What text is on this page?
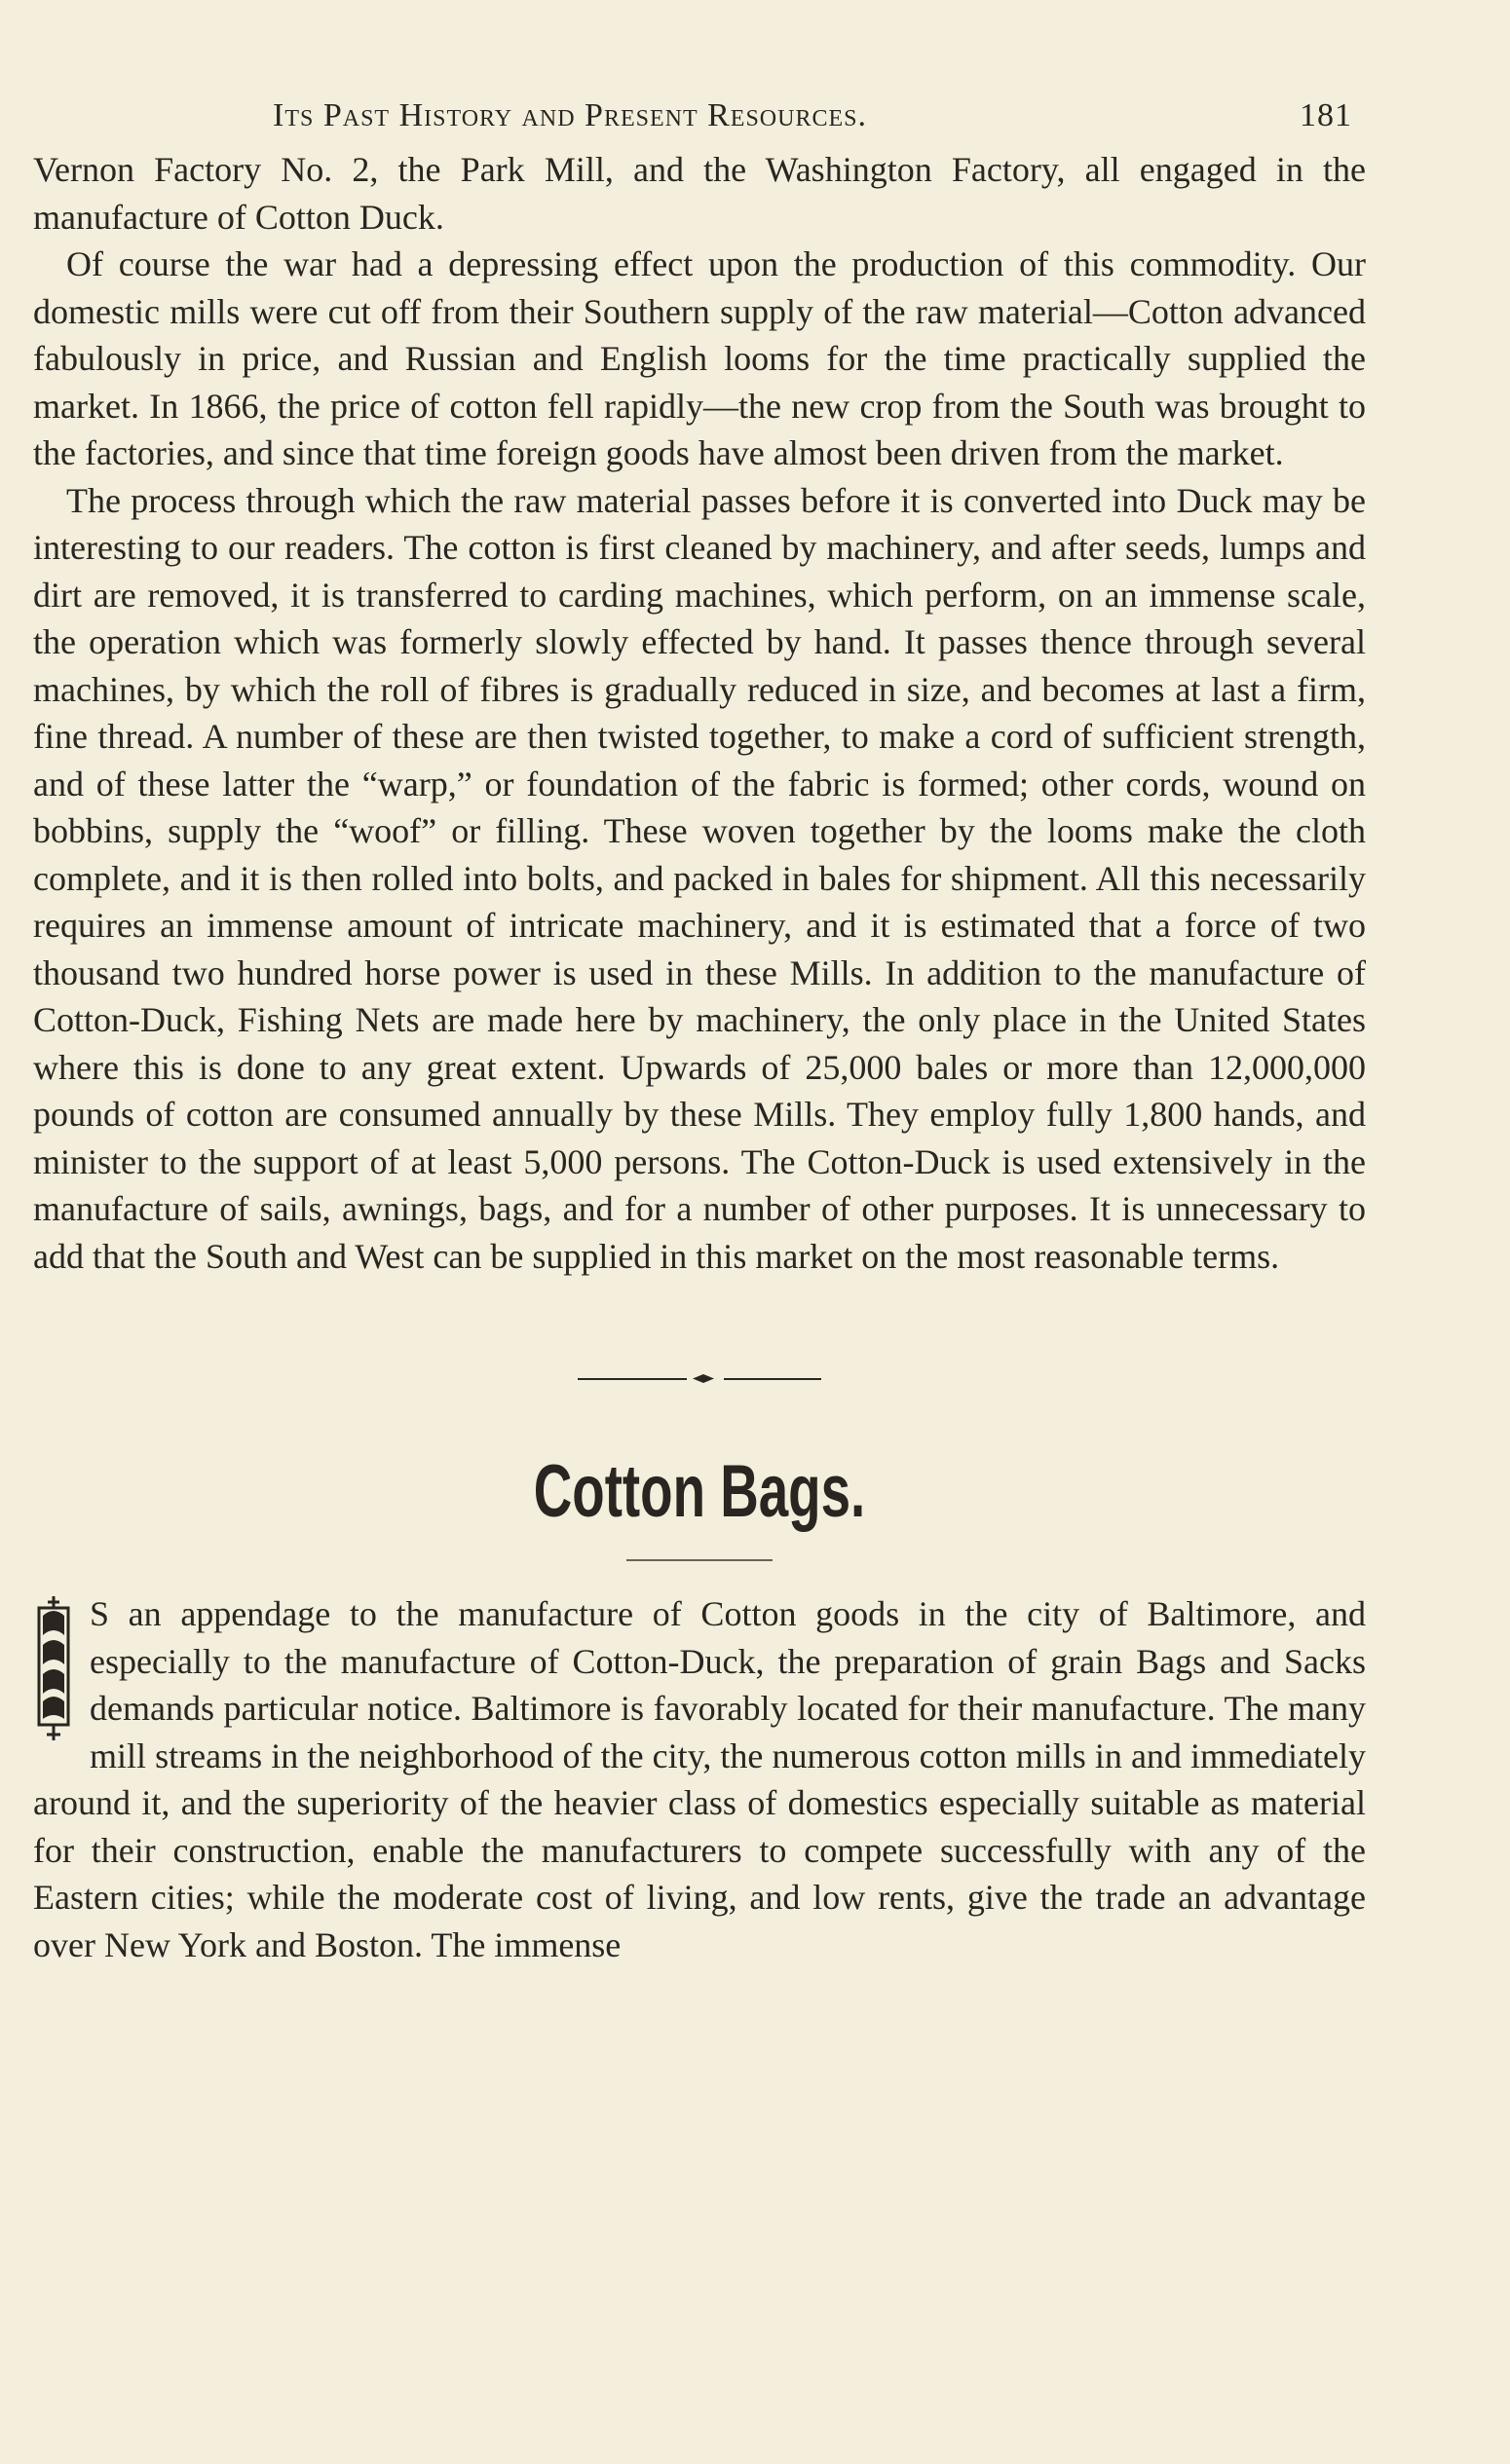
Its Past History and Present Resources.	181

Vernon Factory No. 2, the Park Mill, and the Washington Factory, all engaged in the manufacture of Cotton Duck.

Of course the war had a depressing effect upon the production of this commodity. Our domestic mills were cut off from their Southern supply of the raw material—Cotton advanced fabulously in price, and Russian and English looms for the time practically supplied the market. In 1866, the price of cotton fell rapidly—the new crop from the South was brought to the factories, and since that time foreign goods have almost been driven from the market.

The process through which the raw material passes before it is converted into Duck may be interesting to our readers. The cotton is first cleaned by machinery, and after seeds, lumps and dirt are removed, it is transferred to carding machines, which perform, on an immense scale, the operation which was formerly slowly effected by hand. It passes thence through several machines, by which the roll of fibres is gradually reduced in size, and becomes at last a firm, fine thread. A number of these are then twisted together, to make a cord of sufficient strength, and of these latter the “warp,” or foundation of the fabric is formed; other cords, wound on bobbins, supply the “woof” or filling. These woven together by the looms make the cloth complete, and it is then rolled into bolts, and packed in bales for shipment. All this necessarily requires an immense amount of intricate machinery, and it is estimated that a force of two thousand two hundred horse power is used in these Mills. In addition to the manufacture of Cotton-Duck, Fishing Nets are made here by machinery, the only place in the United States where this is done to any great extent. Upwards of 25,000 bales or more than 12,000,000 pounds of cotton are consumed annually by these Mills. They employ fully 1,800 hands, and minister to the support of at least 5,000 persons. The Cotton-Duck is used extensively in the manufacture of sails, awnings, bags, and for a number of other purposes. It is unnecessary to add that the South and West can be supplied in this market on the most reasonable terms.

Cotton Bags.

S an appendage to the manufacture of Cotton goods in the city of Baltimore, and especially to the manufacture of Cotton-Duck, the preparation of grain Bags and Sacks demands particular notice. Baltimore is favorably located for their manufacture. The many mill streams in the neighborhood of the city, the numerous cotton mills in and immediately around it, and the superiority of the heavier class of domestics especially suitable as material for their construction, enable the manufacturers to compete successfully with any of the Eastern cities; while the moderate cost of living, and low rents, give the trade an advantage over New York and Boston. The immense
